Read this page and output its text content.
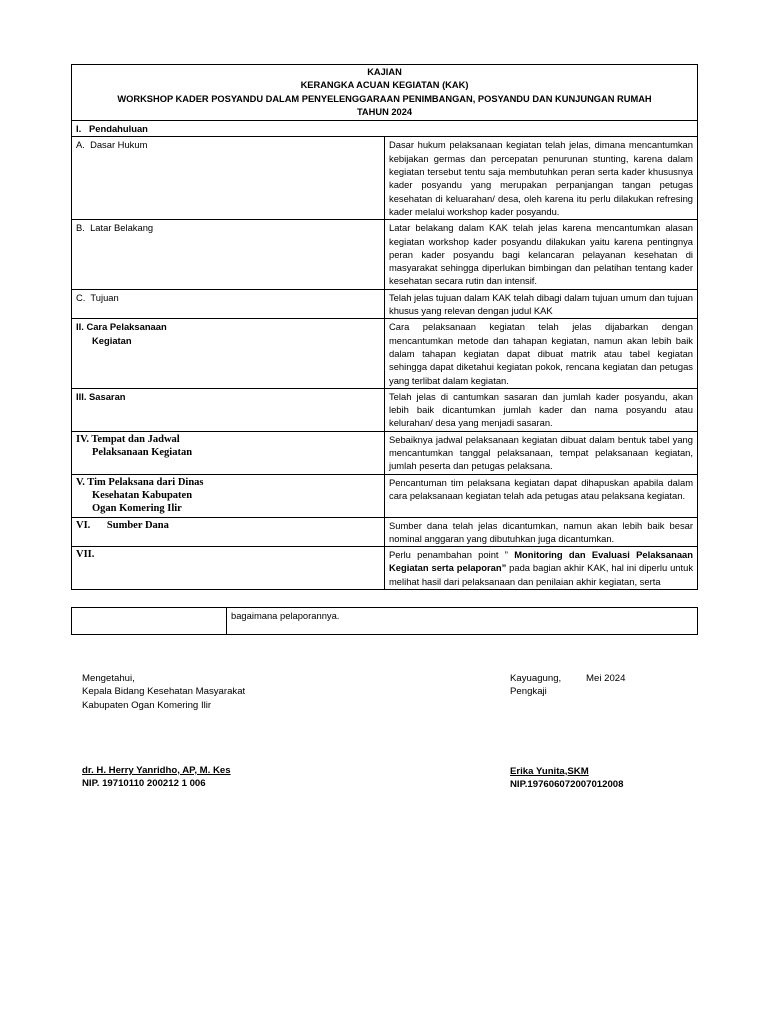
KAJIAN
KERANGKA ACUAN KEGIATAN (KAK)
WORKSHOP KADER POSYANDU DALAM PENYELENGGARAAN PENIMBANGAN, POSYANDU DAN KUNJUNGAN RUMAH
TAHUN 2024	

I.   Pendahuluan	
A.  Dasar Hukum	Dasar hukum pelaksanaan kegiatan telah jelas, dimana mencantumkan kebijakan germas dan percepatan penurunan stunting, karena dalam kegiatan tersebut tentu saja membutuhkan peran serta kader khususnya kader posyandu yang merupakan perpanjangan tangan petugas kesehatan di keluarahan/ desa, oleh karena itu perlu dilakukan refresing kader melalui workshop kader posyandu.
B.  Latar Belakang	Latar belakang dalam KAK telah jelas karena mencantumkan alasan kegiatan workshop kader posyandu dilakukan yaitu karena pentingnya peran kader posyandu bagi kelancaran pelayanan kesehatan di masyarakat sehingga diperlukan bimbingan dan pelatihan tentang kader kesehatan secara rutin dan intensif.
C.  Tujuan	Telah jelas tujuan dalam KAK telah dibagi dalam tujuan umum dan tujuan khusus yang relevan dengan judul KAK
II. Cara Pelaksanaan
Kegiatan	Cara pelaksanaan kegiatan telah jelas dijabarkan dengan mencantumkan metode dan tahapan kegiatan, namun akan lebih baik dalam tahapan kegiatan dapat dibuat matrik atau tabel kegiatan sehingga dapat diketahui kegiatan pokok, rencana kegiatan dan petugas yang terlibat dalam kegiatan.
III. Sasaran	Telah jelas di cantumkan sasaran dan jumlah kader posyandu, akan lebih baik dicantumkan jumlah kader dan nama posyandu atau kelurahan/ desa yang menjadi sasaran.
IV. Tempat dan Jadwal
Pelaksanaan Kegiatan	Sebaiknya jadwal pelaksanaan kegiatan dibuat dalam bentuk tabel yang mencantumkan tanggal pelaksanaan, tempat pelaksanaan kegiatan, jumlah peserta dan petugas pelaksana.
V. Tim Pelaksana dari Dinas
Kesehatan Kabupaten
Ogan Komering Ilir	Pencantuman tim pelaksana kegiatan dapat dihapuskan apabila dalam cara pelaksanaan kegiatan telah ada petugas atau pelaksana kegiatan.
VI. Sumber Dana	Sumber dana telah jelas dicantumkan, namun akan lebih baik besar nominal anggaran yang dibutuhkan juga dicantumkan.
VII.	Perlu penambahan point ” Monitoring dan Evaluasi Pelaksanaan Kegiatan serta pelaporan” pada bagian akhir KAK, hal ini diperlu untuk melihat hasil dari pelaksanaan dan penilaian akhir kegiatan, serta
	bagaimana pelaporannya.
Mengetahui,
Kepala Bidang Kesehatan Masyarakat
Kabupaten Ogan Komering Ilir
dr. H. Herry Yanridho, AP, M. Kes
NIP. 19710110 200212 1 006
Kayuagung,	Mei 2024
Pengkaji
Erika Yunita,SKM
NIP.197606072007012008
